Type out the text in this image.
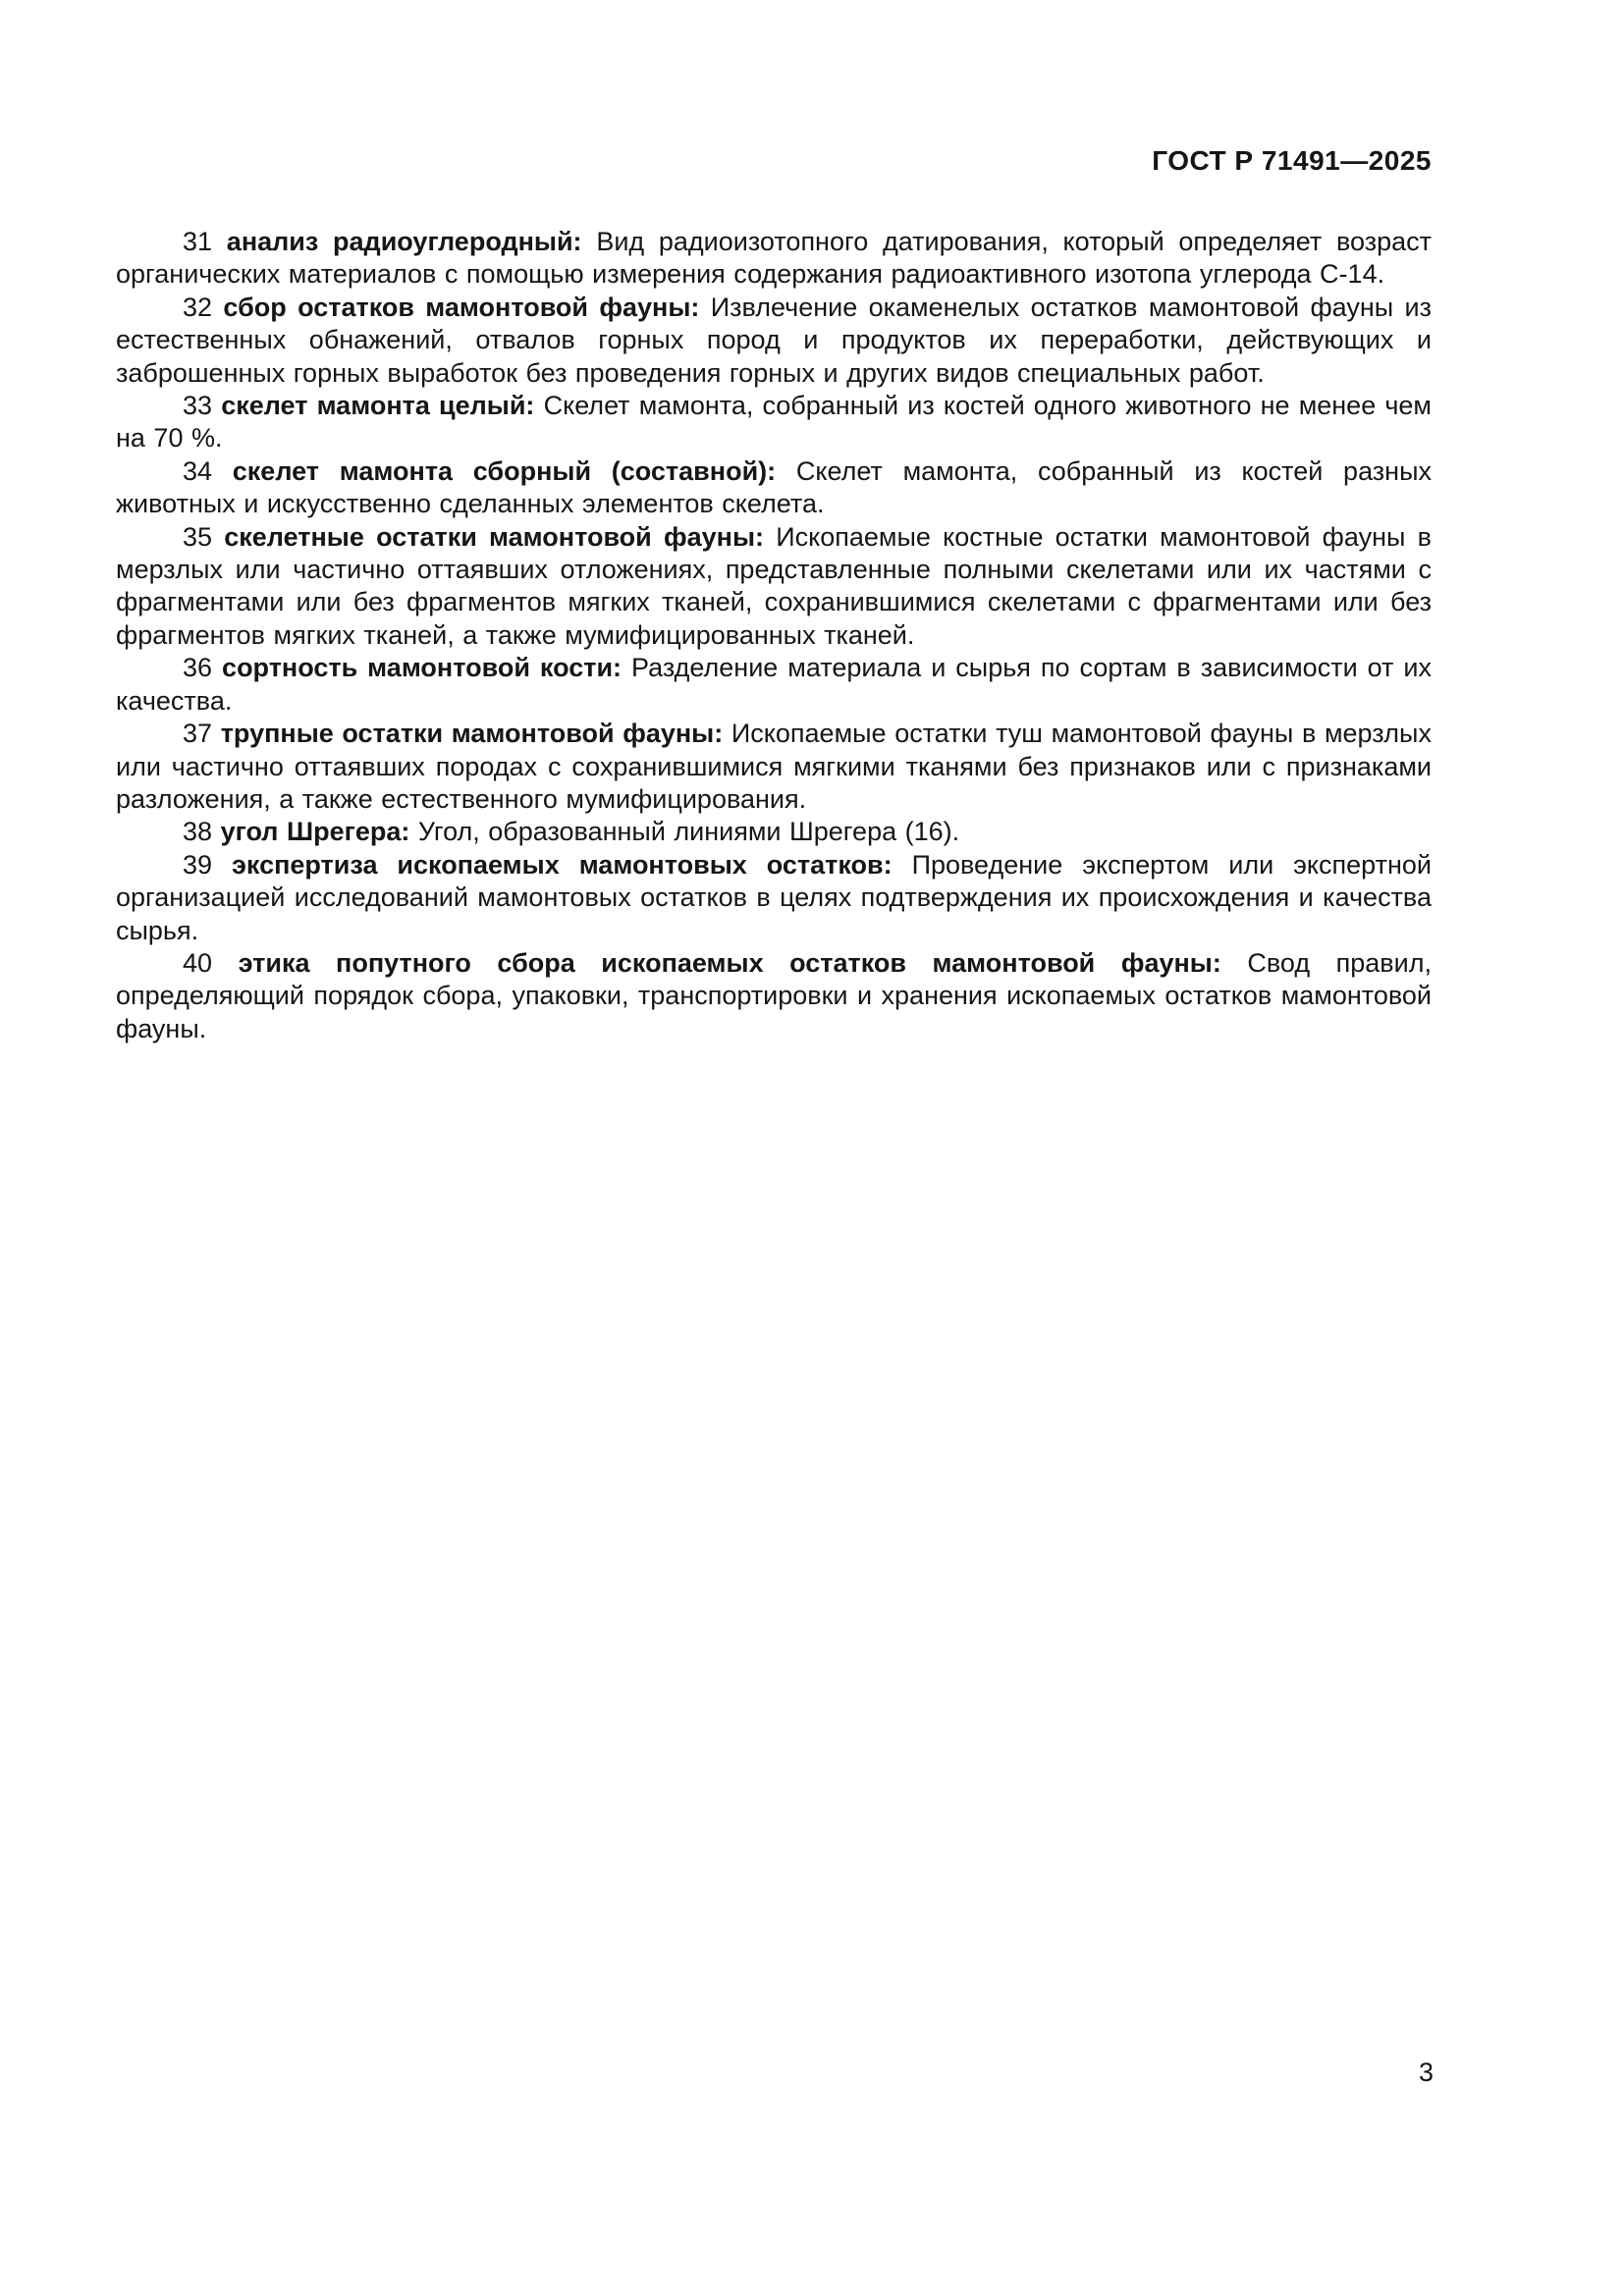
ГОСТ Р 71491—2025

31 анализ радиоуглеродный: Вид радиоизотопного датирования, который определяет возраст органических материалов с помощью измерения содержания радиоактивного изотопа углерода С-14.

32 сбор остатков мамонтовой фауны: Извлечение окаменелых остатков мамонтовой фауны из естественных обнажений, отвалов горных пород и продуктов их переработки, действующих и заброшенных горных выработок без проведения горных и других видов специальных работ.

33 скелет мамонта целый: Скелет мамонта, собранный из костей одного животного не менее чем на 70 %.

34 скелет мамонта сборный (составной): Скелет мамонта, собранный из костей разных животных и искусственно сделанных элементов скелета.

35 скелетные остатки мамонтовой фауны: Ископаемые костные остатки мамонтовой фауны в мерзлых или частично оттаявших отложениях, представленные полными скелетами или их частями с фрагментами или без фрагментов мягких тканей, сохранившимися скелетами с фрагментами или без фрагментов мягких тканей, а также мумифицированных тканей.

36 сортность мамонтовой кости: Разделение материала и сырья по сортам в зависимости от их качества.

37 трупные остатки мамонтовой фауны: Ископаемые остатки туш мамонтовой фауны в мерзлых или частично оттаявших породах с сохранившимися мягкими тканями без признаков или с признаками разложения, а также естественного мумифицирования.

38 угол Шрегера: Угол, образованный линиями Шрегера (16).

39 экспертиза ископаемых мамонтовых остатков: Проведение экспертом или экспертной организацией исследований мамонтовых остатков в целях подтверждения их происхождения и качества сырья.

40 этика попутного сбора ископаемых остатков мамонтовой фауны: Свод правил, определяющий порядок сбора, упаковки, транспортировки и хранения ископаемых остатков мамонтовой фауны.

3
